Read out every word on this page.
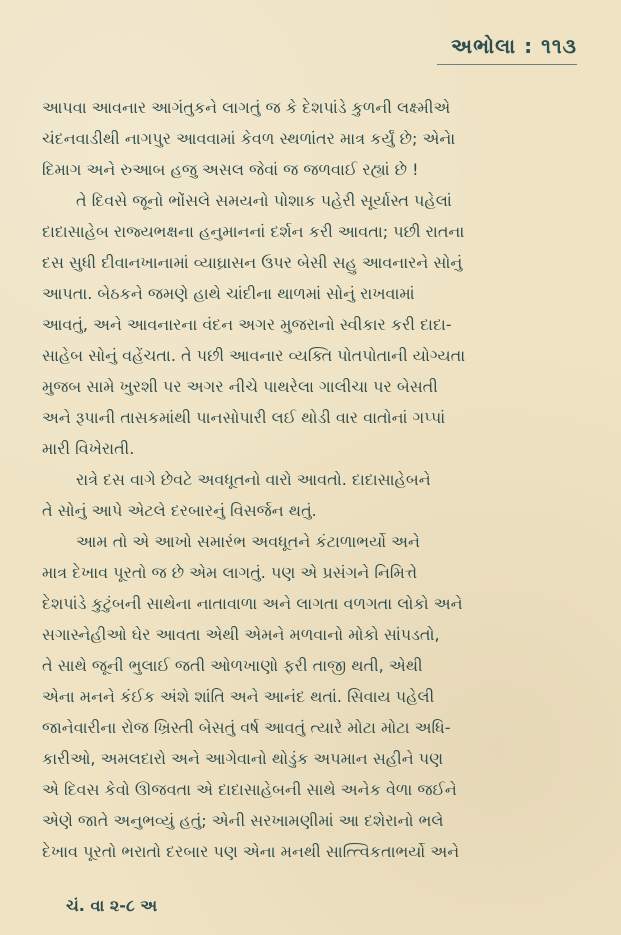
અભોલા : ૧૧૩

આપવા આવનાર આગંતુકને લાગતું જ કે દેશપાંડે કુળની લક્ષ્મીએ
ચંદનવાડીથી નાગપુર આવવામાં કેવળ સ્થળાંતર માત્ર કર્યું છે; એનેા
દિમાગ અને રુઆબ હજુ અસલ જેવાં જ જળવાઈ રહ્યાં છે !

તે દિવસે જૂનો ભોંસલે સમયનો પોશાક પહેરી સૂર્યાસ્ત પહેલાં
દાદાસાહેબ રાજ્યભક્ષના હનુમાનનાં દર્શન કરી આવતા; પછી રાતના
દસ સુધી દીવાનખાનામાં વ્યાઘ્રાસન ઉપર બેસી સહુ આવનારને સોનું
આપતા. બેઠકને જમણે હાથે ચાંદીના થાળમાં સોનું રાખવામાં
આવતું, અને આવનારના વંદન અગર મુજરાનો સ્વીકાર કરી દાદા-
સાહેબ સોનું વહેંચતા. તે પછી આવનાર વ્યક્તિ પોતપોતાની યોગ્યતા
મુજબ સામે ખુરશી પર અગર નીચે પાથરેલા ગાલીચા પર બેસતી
અને રૂપાની તાસકમાંથી પાનસોપારી લઈ થોડી વાર વાતોનાં ગપ્પાં
મારી વિખેરાતી.

રાત્રે દસ વાગે છેવટે અવધૂતનો વારો આવતો. દાદાસાહેબને
તે સોનું આપે એટલે દરબારનું વિસર્જન થતું.

આમ તો એ આખો સમારંભ અવધૂતને કંટાળાભર્યો અને
માત્ર દેખાવ પૂરતો જ છે એમ લાગતું. પણ એ પ્રસંગને નિમિત્તે
દેશપાંડે કુટુંબની સાથેના નાતાવાળા અને લાગતા વળગતા લોકો અને
સગાસ્નેહીઓ ઘેર આવતા એથી એમને મળવાનો મોકો સાંપડતો,
તે સાથે જૂની ભુલાઈ જતી ઓળખાણો ફરી તાજી થતી, એથી
એના મનને કંઈક અંશે શાંતિ અને આનંદ થતાં. સિવાય પહેલી
જાનેવારીના રોજ ખ્રિસ્તી બેસતું વર્ષ આવતું ત્યારે મોટા મોટા અધિ-
કારીઓ, અમલદારો અને આગેવાનો થોડુંક અપમાન સહીને પણ
એ દિવસ કેવો ઊજવતા એ દાદાસાહેબની સાથે અનેક વેળા જઈને
એણે જાતે અનુભવ્યું હતું; એની સરખામણીમાં આ દશેરાનો ભલે
દેખાવ પૂરતો ભરાતો દરબાર પણ એના મનથી સાત્ત્વિકતાભર્યો અને

ચં. વા ૨-૮ અ
